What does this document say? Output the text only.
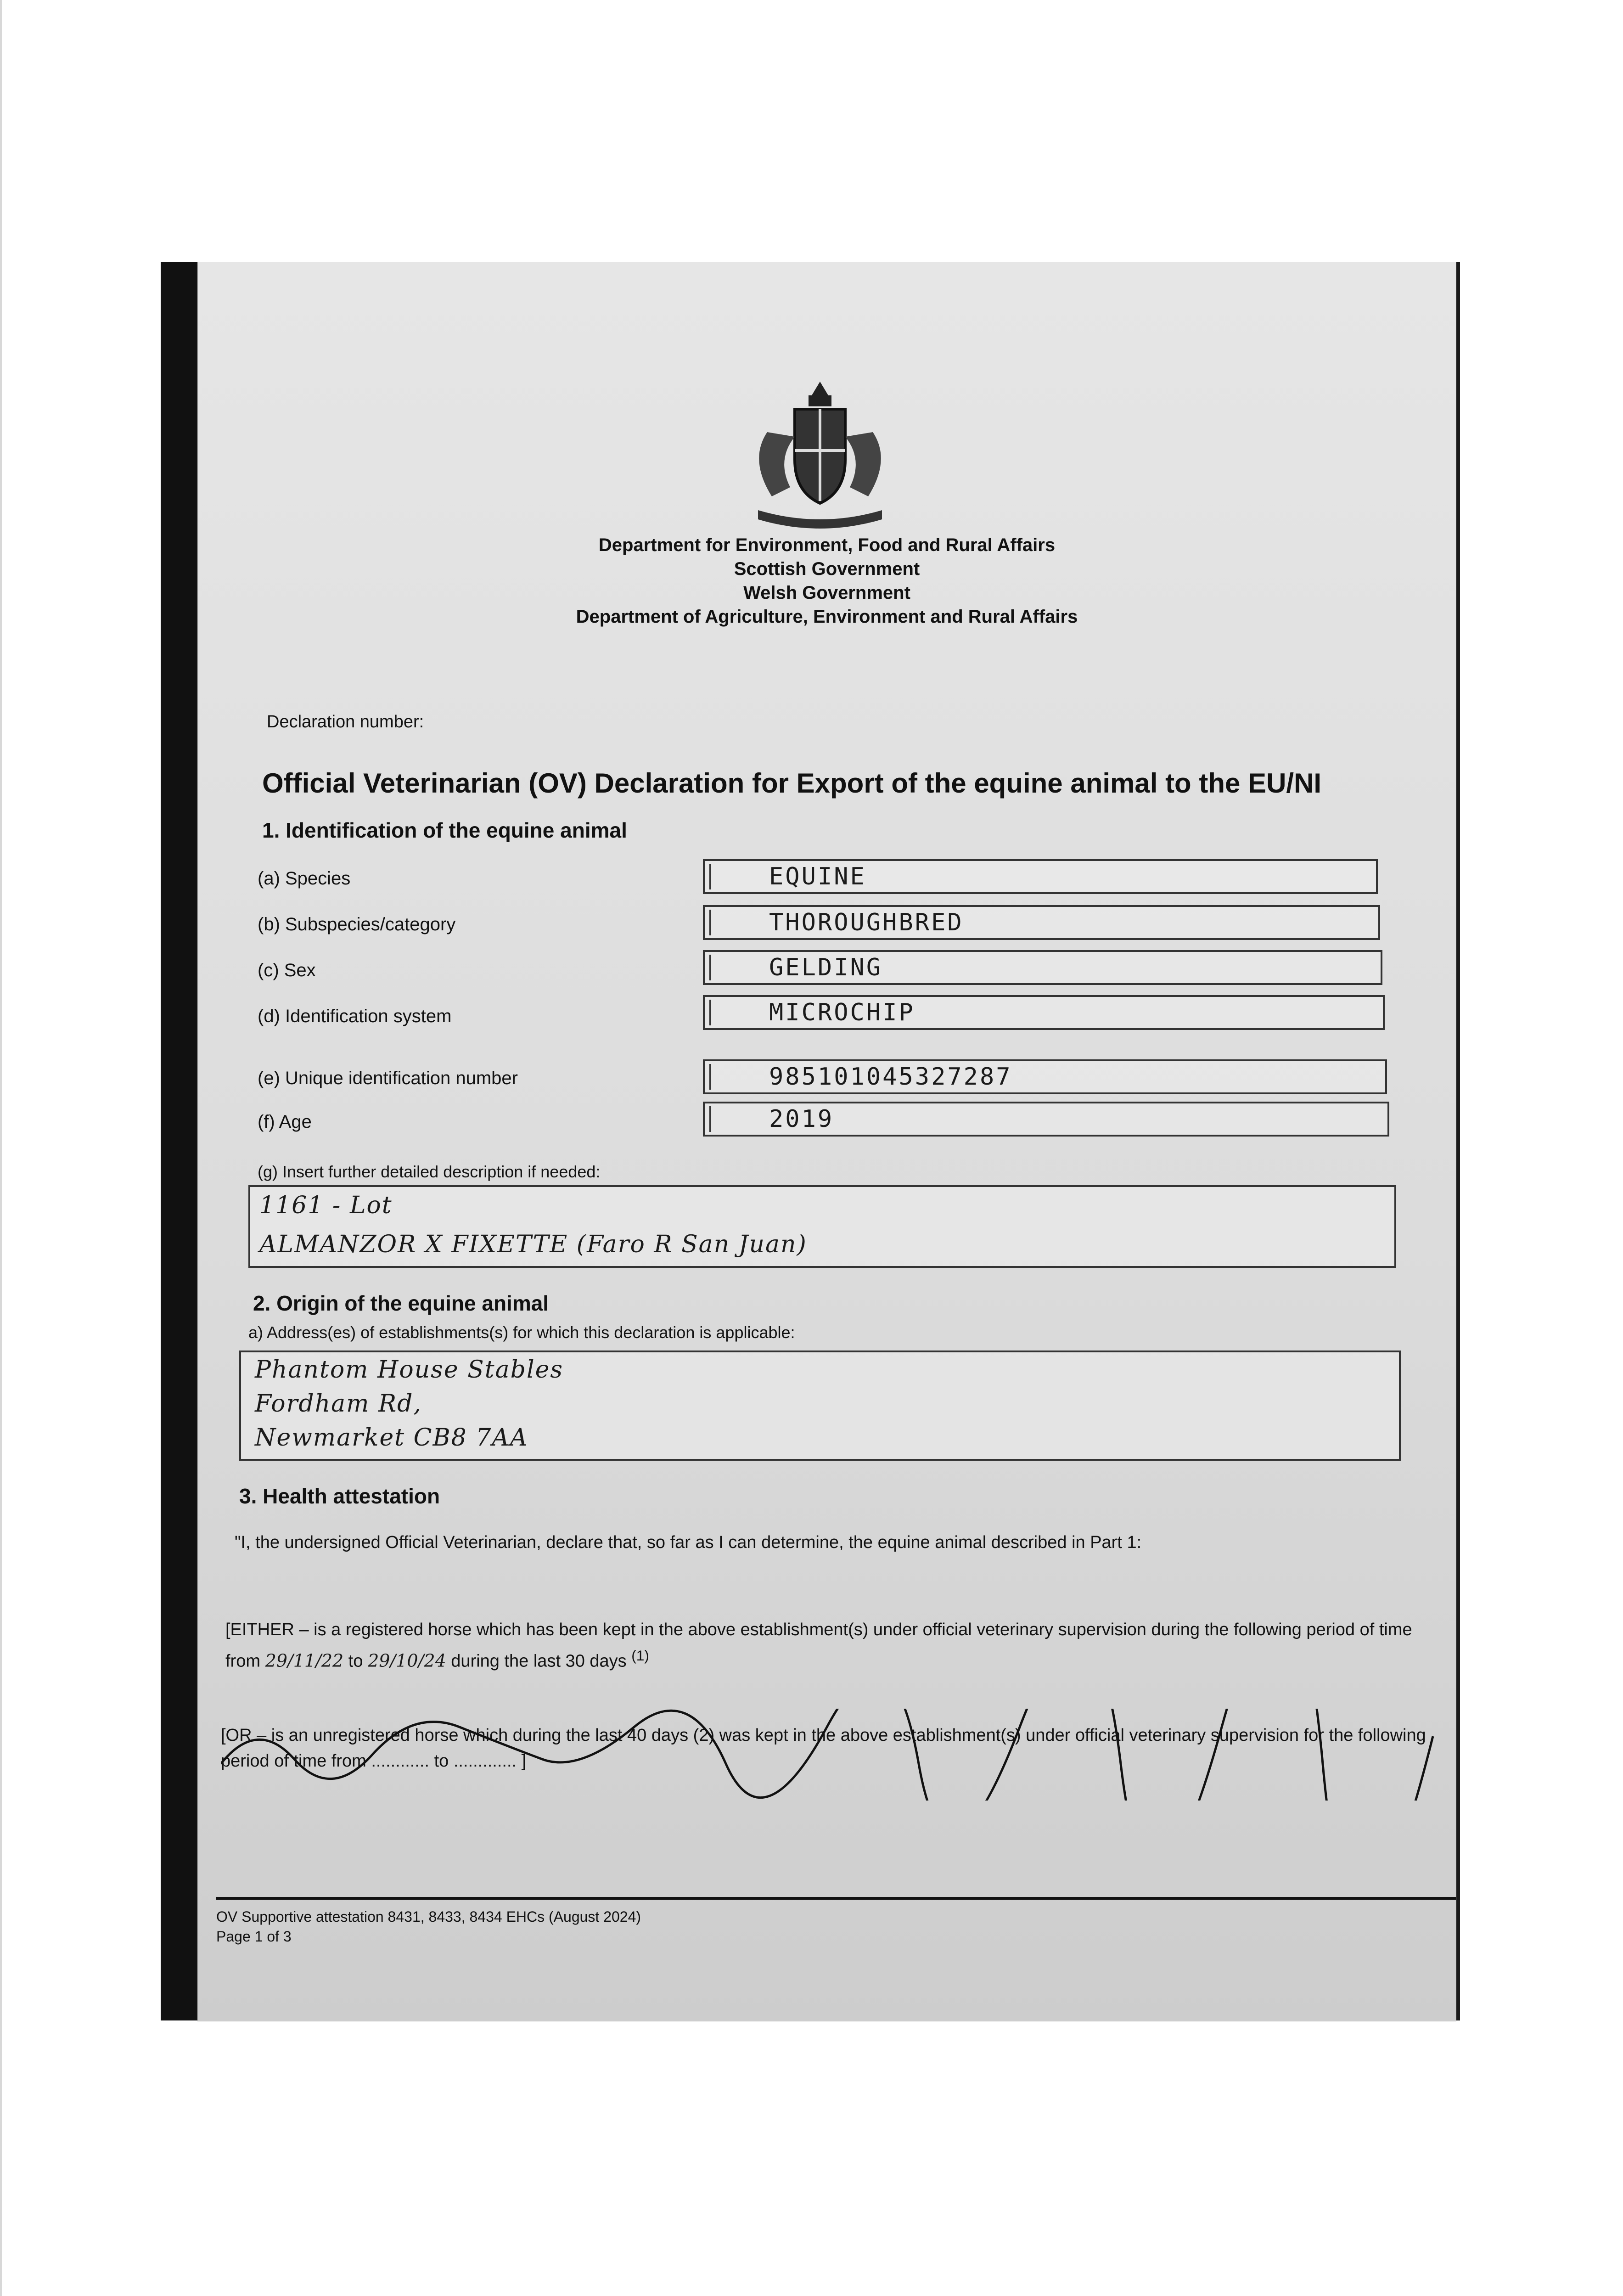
Department for Environment, Food and Rural Affairs
Scottish Government
Welsh Government
Department of Agriculture, Environment and Rural Affairs
Declaration number:
Official Veterinarian (OV) Declaration for Export of the equine animal to the EU/NI
1. Identification of the equine animal
(a) Species	EQUINE
(b) Subspecies/category	THOROUGHBRED
(c) Sex	GELDING
(d) Identification system	MICROCHIP
(e) Unique identification number	985101045327287
(f) Age	2019
(g) Insert further detailed description if needed:
1161 - Lot
ALMANZOR X FIXETTE (Faro R San Juan)
2. Origin of the equine animal
a) Address(es) of establishments(s) for which this declaration is applicable:
Phantom House Stables
Fordham Rd,
Newmarket CB8 7AA
3. Health attestation
"I, the undersigned Official Veterinarian, declare that, so far as I can determine, the equine animal described in Part 1:
[EITHER – is a registered horse which has been kept in the above establishment(s) under official veterinary supervision during the following period of time from 29/11/22 to 29/10/24 during the last 30 days $^{(1)}$
[OR – is an unregistered horse which during the last 40 days (2) was kept in the above establishment(s) under official veterinary supervision for the following period of time from ............ to ............. ]
OV Supportive attestation 8431, 8433, 8434 EHCs (August 2024)
Page 1 of 3
